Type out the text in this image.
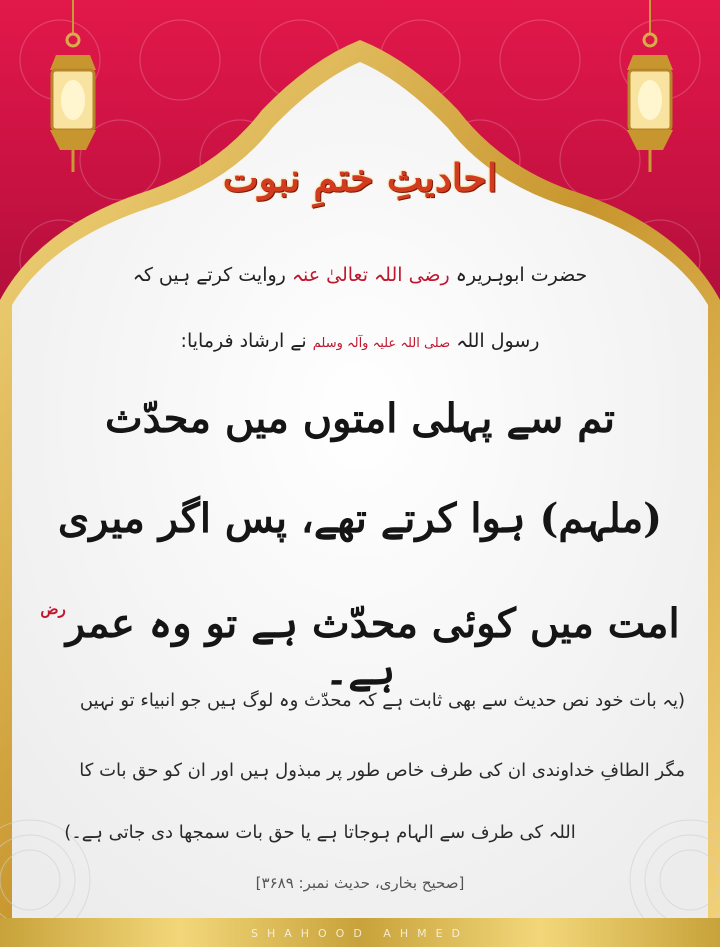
SHAHOOD AHMED
احادیثِ ختمِ نبوت
حضرت ابوہریرہ رضی اللہ تعالیٰ عنہ روایت کرتے ہیں کہ
رسول اللہ صلی اللہ علیہ وآلہ وسلم نے ارشاد فرمایا:
تم سے پہلی امتوں میں محدّث
(ملہم) ہوا کرتے تھے، پس اگر میری
امت میں کوئی محدّث ہے تو وہ عمر$^{رض}$ ہے۔
(یہ بات خود نص حدیث سے بھی ثابت ہے کہ محدّث وہ لوگ ہیں جو انبیاء تو نہیں
مگر الطافِ خداوندی ان کی طرف خاص طور پر مبذول ہیں اور ان کو حق بات کا
اللہ کی طرف سے الہام ہوجاتا ہے یا حق بات سمجھا دی جاتی ہے۔)
[صحیح بخاری، حدیث نمبر: ۳۶۸۹]
